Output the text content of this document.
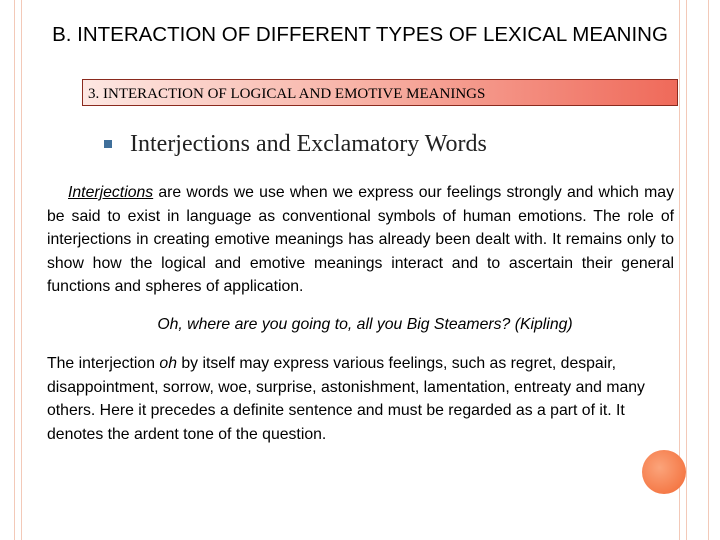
B. INTERACTION OF DIFFERENT TYPES OF LEXICAL MEANING
3. INTERACTION OF LOGICAL AND EMOTIVE MEANINGS
Interjections and Exclamatory Words
Interjections are words we use when we express our feelings strongly and which may be said to exist in language as conventional symbols of human emotions. The role of interjections in creating emotive meanings has already been dealt with. It remains only to show how the logical and emotive meanings interact and to ascertain their general functions and spheres of application.
Oh, where are you going to, all you Big Steamers? (Kipling)
The interjection oh by itself may express various feelings, such as regret, despair, disappointment, sorrow, woe, surprise, astonishment, lamentation, entreaty and many others. Here it precedes a definite sentence and must be regarded as a part of it. It denotes the ardent tone of the question.
